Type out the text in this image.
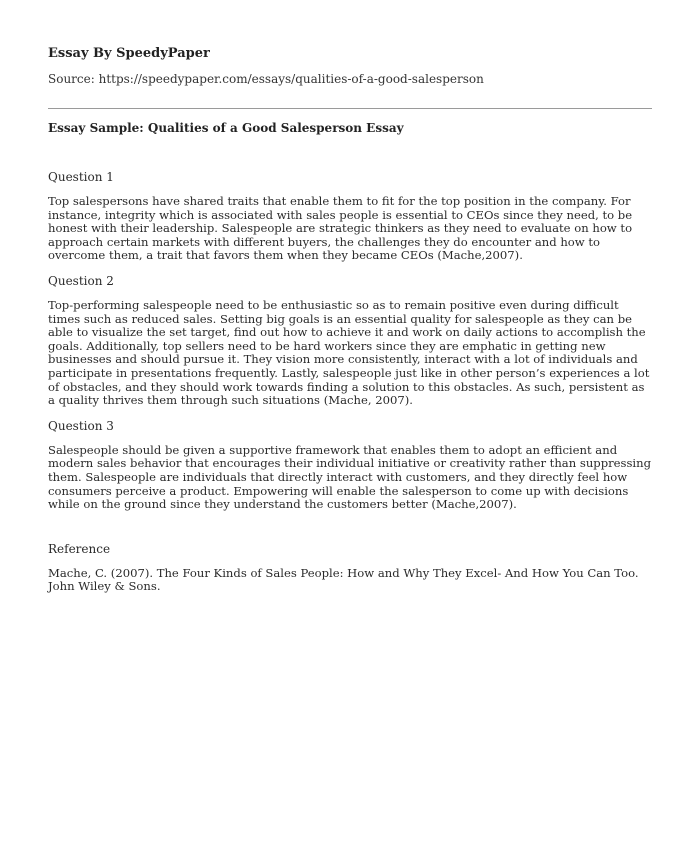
Essay By SpeedyPaper
Source: https://speedypaper.com/essays/qualities-of-a-good-salesperson
Essay Sample: Qualities of a Good Salesperson Essay
Question 1
Top salespersons have shared traits that enable them to fit for the top position in the company. For instance, integrity which is associated with sales people is essential to CEOs since they need, to be honest with their leadership. Salespeople are strategic thinkers as they need to evaluate on how to approach certain markets with different buyers, the challenges they do encounter and how to overcome them, a trait that favors them when they became CEOs (Mache,2007).
Question 2
Top-performing salespeople need to be enthusiastic so as to remain positive even during difficult times such as reduced sales. Setting big goals is an essential quality for salespeople as they can be able to visualize the set target, find out how to achieve it and work on daily actions to accomplish the goals. Additionally, top sellers need to be hard workers since they are emphatic in getting new businesses and should pursue it. They vision more consistently, interact with a lot of individuals and participate in presentations frequently. Lastly, salespeople just like in other person’s experiences a lot of obstacles, and they should work towards finding a solution to this obstacles. As such, persistent as a quality thrives them through such situations (Mache, 2007).
Question 3
Salespeople should be given a supportive framework that enables them to adopt an efficient and modern sales behavior that encourages their individual initiative or creativity rather than suppressing them. Salespeople are individuals that directly interact with customers, and they directly feel how consumers perceive a product. Empowering will enable the salesperson to come up with decisions while on the ground since they understand the customers better (Mache,2007).
Reference
Mache, C. (2007). The Four Kinds of Sales People: How and Why They Excel- And How You Can Too. John Wiley & Sons.
